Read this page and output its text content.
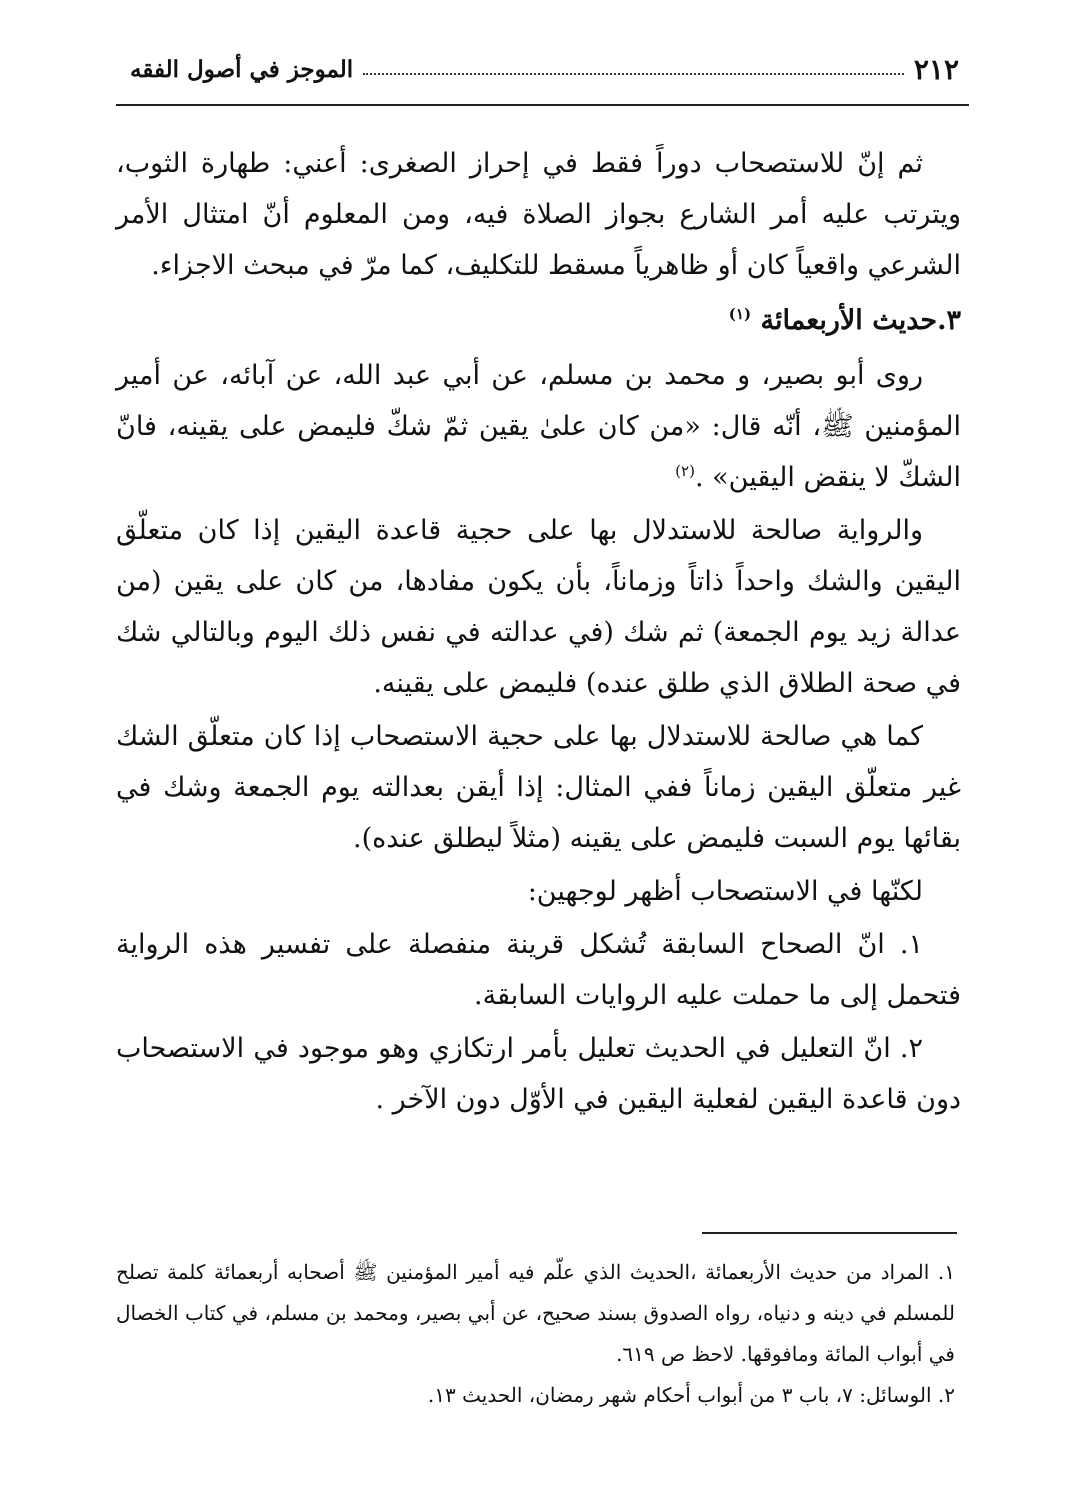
٢١٢
الموجز في أصول الفقه

ثم إنّ للاستصحاب دوراً فقط في إحراز الصغرى: أعني: طهارة الثوب، ويترتب عليه أمر الشارع بجواز الصلاة فيه، ومن المعلوم أنّ امتثال الأمر الشرعي واقعياً كان أو ظاهرياً مسقط للتكليف، كما مرّ في مبحث الاجزاء.

٣.حديث الأربعمائة $^{(١)}$

روى أبو بصير، و محمد بن مسلم، عن أبي عبد الله، عن آبائه، عن أمير المؤمنين ﷺ، أنّه قال: «من كان علىٰ يقين ثمّ شكّ فليمض على يقينه، فانّ الشكّ لا ينقض اليقين» .$^{(٢)}$

والرواية صالحة للاستدلال بها على حجية قاعدة اليقين إذا كان متعلّق اليقين والشك واحداً ذاتاً وزماناً، بأن يكون مفادها، من كان على يقين (من عدالة زيد يوم الجمعة) ثم شك (في عدالته في نفس ذلك اليوم وبالتالي شك في صحة الطلاق الذي طلق عنده) فليمض على يقينه.

كما هي صالحة للاستدلال بها على حجية الاستصحاب إذا كان متعلّق الشك غير متعلّق اليقين زماناً ففي المثال: إذا أيقن بعدالته يوم الجمعة وشك في بقائها يوم السبت فليمض على يقينه (مثلاً ليطلق عنده).

لكنّها في الاستصحاب أظهر لوجهين:

١. انّ الصحاح السابقة تُشكل قرينة منفصلة على تفسير هذه الرواية فتحمل إلى ما حملت عليه الروايات السابقة.

٢. انّ التعليل في الحديث تعليل بأمر ارتكازي وهو موجود في الاستصحاب دون قاعدة اليقين لفعلية اليقين في الأوّل دون الآخر .

١. المراد من حديث الأربعمائة ،الحديث الذي علّم فيه أمير المؤمنين ﷺ أصحابه أربعمائة كلمة تصلح للمسلم في دينه و دنياه، رواه الصدوق بسند صحيح، عن أبي بصير، ومحمد بن مسلم، في كتاب الخصال في أبواب المائة ومافوقها. لاحظ ص ٦١٩.

٢. الوسائل: ٧، باب ٣ من أبواب أحكام شهر رمضان، الحديث ١٣.
